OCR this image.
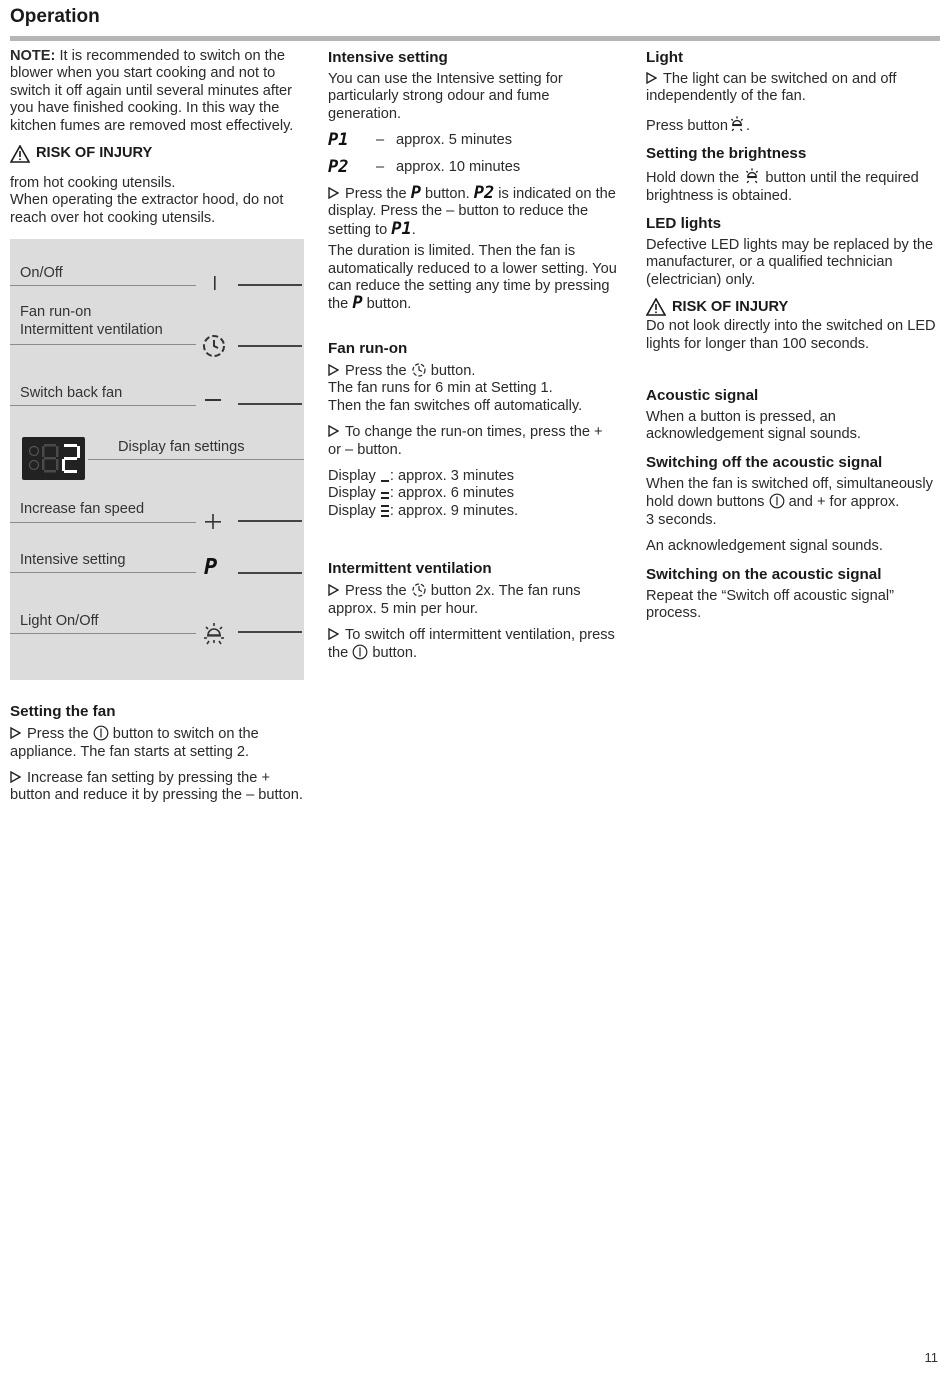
Operation

NOTE: It is recommended to switch on the blower when you start cooking and not to switch it off again until several minutes after you have finished cooking. In this way the kitchen fumes are removed most effectively.

RISK OF INJURY

from hot cooking utensils.
When operating the extractor hood, do not reach over hot cooking utensils.

On/Off
Fan run-on
Intermittent ventilation
Switch back fan
Display fan settings
Increase fan speed
Intensive setting	P
Light On/Off
Setting the fan

Press the  button to switch on the appliance. The fan starts at setting 2.

Increase fan setting by pressing the + button and reduce it by pressing the – button.

Intensive setting

You can use the Intensive setting for particularly strong odour and fume generation.

P1	– approx. 5 minutes
P2	– approx. 10 minutes

Press the P button. P2 is indicated on the display. Press the – button to reduce the setting to P1.

The duration is limited. Then the fan is automatically reduced to a lower setting. You can reduce the setting any time by pressing the P button.

Fan run-on

Press the  button.
The fan runs for 6 min at Setting 1.
Then the fan switches off automatically.

To change the run-on times, press the + or – button.

Display : approx. 3 minutes
Display : approx. 6 minutes
Display : approx. 9 minutes.

Intermittent ventilation

Press the  button 2x. The fan runs approx. 5 min per hour.

To switch off intermittent ventilation, press the  button.

Light

The light can be switched on and off independently of the fan.

Press button .

Setting the brightness

Hold down the  button until the required brightness is obtained.

LED lights

Defective LED lights may be replaced by the manufacturer, or a qualified technician (electrician) only.

RISK OF INJURY

Do not look directly into the switched on LED lights for longer than 100 seconds.

Acoustic signal

When a button is pressed, an acknowledgement signal sounds.

Switching off the acoustic signal

When the fan is switched off, simultaneously hold down buttons  and + for approx.
3 seconds.

An acknowledgement signal sounds.

Switching on the acoustic signal

Repeat the “Switch off acoustic signal” process.

11
